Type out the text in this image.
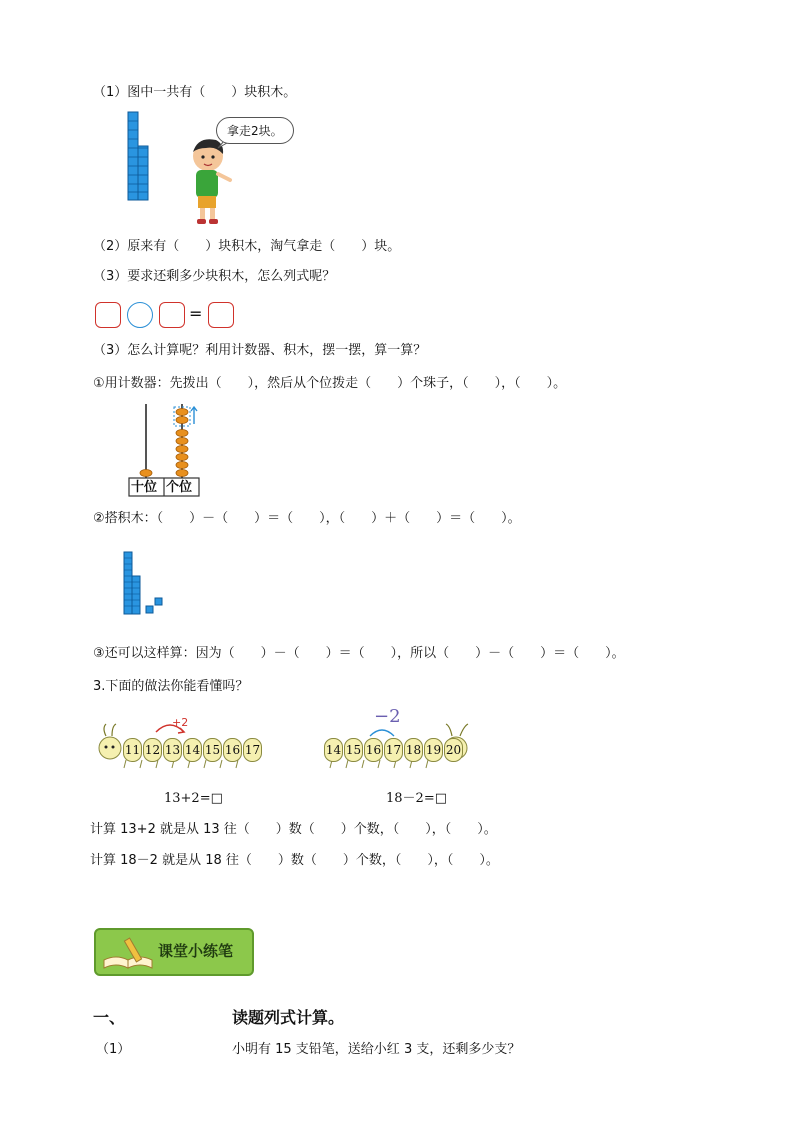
（1）图中一共有（　　）块积木。
拿走2块。
（2）原来有（　　）块积木，淘气拿走（　　）块。
（3）要求还剩多少块积木，怎么列式呢？
=
（3）怎么计算呢？利用计数器、积木，摆一摆，算一算？
①用计数器：先拨出（　　），然后从个位拨走（　　）个珠子，（　　），（　　）。
十位 个位
②搭积木：（　　）－（　　）＝（　　），（　　）＋（　　）＝（　　）。
③还可以这样算：因为（　　）－（　　）＝（　　），所以（　　）－（　　）＝（　　）。
3.下面的做法你能看懂吗？
+2
11 12 13 14 15 16 17
−2
14 15 16 17 18 19 20
13+2=□	18－2=□
计算 13+2 就是从 13 往（　　）数（　　）个数，（　　），（　　）。
计算 18－2 就是从 18 往（　　）数（　　）个数，（　　），（　　）。
课堂小练笔
一、	读题列式计算。
（1）	小明有 15 支铅笔，送给小红 3 支，还剩多少支？
